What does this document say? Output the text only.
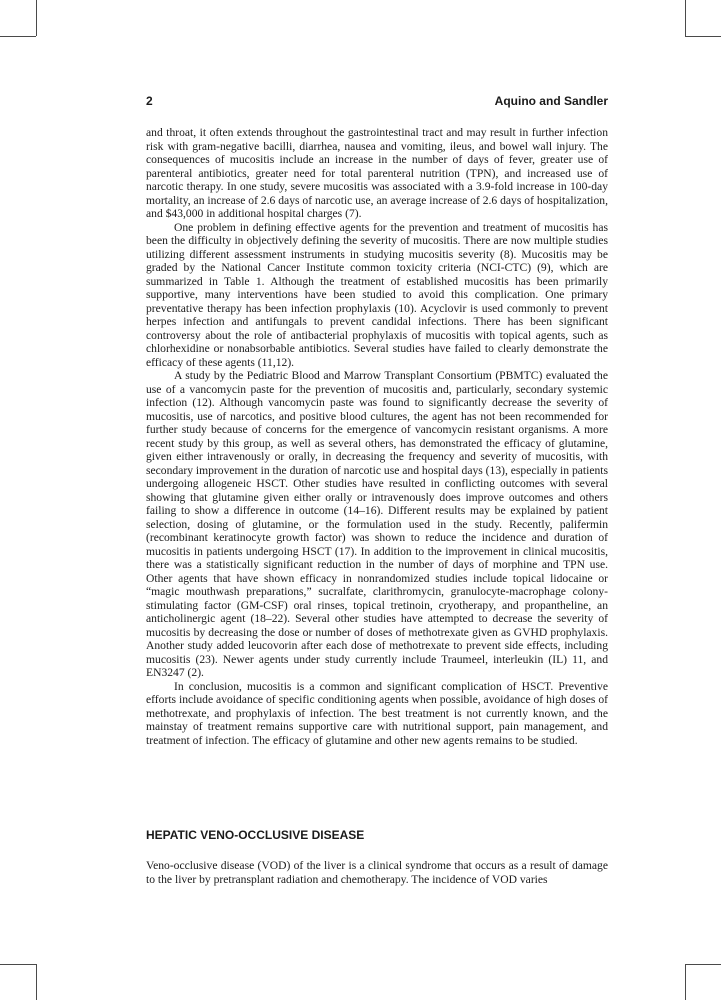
2	Aquino and Sandler

and throat, it often extends throughout the gastrointestinal tract and may result in further infection risk with gram-negative bacilli, diarrhea, nausea and vomiting, ileus, and bowel wall injury. The consequences of mucositis include an increase in the number of days of fever, greater use of parenteral antibiotics, greater need for total parenteral nutrition (TPN), and increased use of narcotic therapy. In one study, severe mucositis was associated with a 3.9-fold increase in 100-day mortality, an increase of 2.6 days of narcotic use, an average increase of 2.6 days of hospitalization, and $43,000 in additional hospital charges (7).

One problem in defining effective agents for the prevention and treatment of mucositis has been the difficulty in objectively defining the severity of mucositis. There are now multiple studies utilizing different assessment instruments in studying mucositis severity (8). Mucositis may be graded by the National Cancer Institute common toxicity criteria (NCI-CTC) (9), which are summarized in Table 1. Although the treatment of established mucositis has been primarily supportive, many interventions have been studied to avoid this complication. One primary preventative therapy has been infection prophylaxis (10). Acyclovir is used commonly to prevent herpes infection and antifungals to prevent candidal infections. There has been significant controversy about the role of antibacterial prophylaxis of mucositis with topical agents, such as chlorhexidine or nonabsorbable antibiotics. Several studies have failed to clearly demonstrate the efficacy of these agents (11,12).

A study by the Pediatric Blood and Marrow Transplant Consortium (PBMTC) evaluated the use of a vancomycin paste for the prevention of mucositis and, particularly, secondary systemic infection (12). Although vancomycin paste was found to significantly decrease the severity of mucositis, use of narcotics, and positive blood cultures, the agent has not been recommended for further study because of concerns for the emergence of vancomycin resistant organisms. A more recent study by this group, as well as several others, has demonstrated the efficacy of glutamine, given either intravenously or orally, in decreasing the frequency and severity of mucositis, with secondary improvement in the duration of narcotic use and hospital days (13), especially in patients undergoing allogeneic HSCT. Other studies have resulted in conflicting outcomes with several showing that glutamine given either orally or intravenously does improve outcomes and others failing to show a difference in outcome (14–16). Different results may be explained by patient selection, dosing of glutamine, or the formulation used in the study. Recently, palifermin (recombinant keratinocyte growth factor) was shown to reduce the incidence and duration of mucositis in patients undergoing HSCT (17). In addition to the improvement in clinical mucositis, there was a statistically significant reduction in the number of days of morphine and TPN use. Other agents that have shown efficacy in nonrandomized studies include topical lidocaine or “magic mouthwash preparations,” sucralfate, clarithromycin, granulocyte-macrophage colony-stimulating factor (GM-CSF) oral rinses, topical tretinoin, cryotherapy, and propantheline, an anticholinergic agent (18–22). Several other studies have attempted to decrease the severity of mucositis by decreasing the dose or number of doses of methotrexate given as GVHD prophylaxis. Another study added leucovorin after each dose of methotrexate to prevent side effects, including mucositis (23). Newer agents under study currently include Traumeel, interleukin (IL) 11, and EN3247 (2).

In conclusion, mucositis is a common and significant complication of HSCT. Preventive efforts include avoidance of specific conditioning agents when possible, avoidance of high doses of methotrexate, and prophylaxis of infection. The best treatment is not currently known, and the mainstay of treatment remains supportive care with nutritional support, pain management, and treatment of infection. The efficacy of glutamine and other new agents remains to be studied.

HEPATIC VENO-OCCLUSIVE DISEASE

Veno-occlusive disease (VOD) of the liver is a clinical syndrome that occurs as a result of damage to the liver by pretransplant radiation and chemotherapy. The incidence of VOD varies
